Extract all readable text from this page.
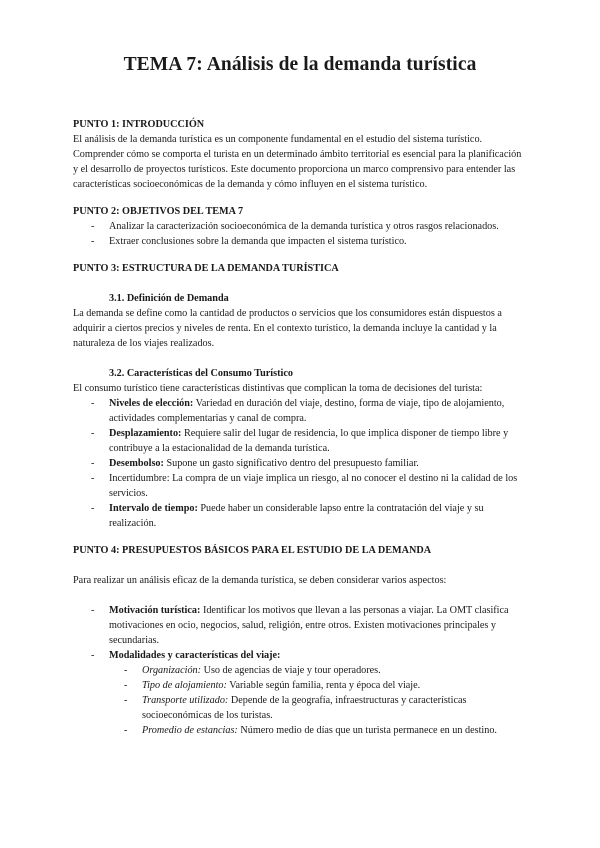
TEMA 7: Análisis de la demanda turística

PUNTO 1: INTRODUCCIÓN

El análisis de la demanda turística es un componente fundamental en el estudio del sistema turístico. Comprender cómo se comporta el turista en un determinado ámbito territorial es esencial para la planificación y el desarrollo de proyectos turísticos. Este documento proporciona un marco comprensivo para entender las características socioeconómicas de la demanda y cómo influyen en el sistema turístico.

PUNTO 2: OBJETIVOS DEL TEMA 7

- Analizar la caracterización socioeconómica de la demanda turística y otros rasgos relacionados.
- Extraer conclusiones sobre la demanda que impacten el sistema turístico.

PUNTO 3: ESTRUCTURA DE LA DEMANDA TURÍSTICA

3.1. Definición de Demanda

La demanda se define como la cantidad de productos o servicios que los consumidores están dispuestos a adquirir a ciertos precios y niveles de renta. En el contexto turístico, la demanda incluye la cantidad y la naturaleza de los viajes realizados.

3.2. Características del Consumo Turístico

El consumo turístico tiene características distintivas que complican la toma de decisiones del turista:

- Niveles de elección: Variedad en duración del viaje, destino, forma de viaje, tipo de alojamiento, actividades complementarias y canal de compra.
- Desplazamiento: Requiere salir del lugar de residencia, lo que implica disponer de tiempo libre y contribuye a la estacionalidad de la demanda turística.
- Desembolso: Supone un gasto significativo dentro del presupuesto familiar.
- Incertidumbre: La compra de un viaje implica un riesgo, al no conocer el destino ni la calidad de los servicios.
- Intervalo de tiempo: Puede haber un considerable lapso entre la contratación del viaje y su realización.

PUNTO 4: PRESUPUESTOS BÁSICOS PARA EL ESTUDIO DE LA DEMANDA

Para realizar un análisis eficaz de la demanda turística, se deben considerar varios aspectos:

- Motivación turística: Identificar los motivos que llevan a las personas a viajar. La OMT clasifica motivaciones en ocio, negocios, salud, religión, entre otros. Existen motivaciones principales y secundarias.
- Modalidades y características del viaje:
- Organización: Uso de agencias de viaje y tour operadores.
- Tipo de alojamiento: Variable según familia, renta y época del viaje.
- Transporte utilizado: Depende de la geografía, infraestructuras y características socioeconómicas de los turistas.
- Promedio de estancias: Número medio de días que un turista permanece en un destino.
